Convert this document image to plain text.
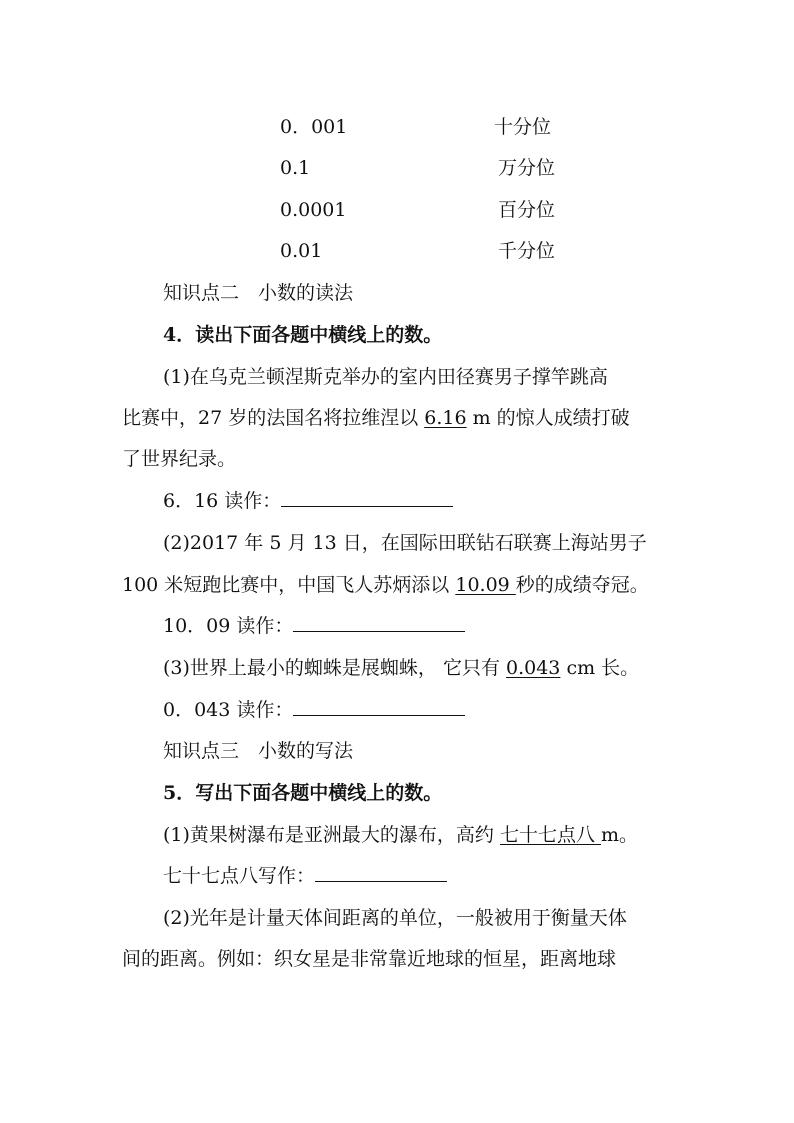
0．001	十分位
0.1	万分位
0.0001	百分位
0.01	千分位
知识点二　小数的读法
4．读出下面各题中横线上的数。
(1)在乌克兰顿涅斯克举办的室内田径赛男子撑竿跳高
比赛中，27 岁的法国名将拉维涅以 6.16 m 的惊人成绩打破
了世界纪录。
6．16 读作：
(2)2017 年 5 月 13 日，在国际田联钻石联赛上海站男子
100 米短跑比赛中，中国飞人苏炳添以 10.09 秒的成绩夺冠。
10．09 读作：
(3)世界上最小的蜘蛛是展蜘蛛， 它只有 0.043 cm 长。
0．043 读作：
知识点三　小数的写法
5．写出下面各题中横线上的数。
(1)黄果树瀑布是亚洲最大的瀑布，高约 七十七点八 m。
七十七点八写作：
(2)光年是计量天体间距离的单位，一般被用于衡量天体
间的距离。例如：织女星是非常靠近地球的恒星，距离地球
